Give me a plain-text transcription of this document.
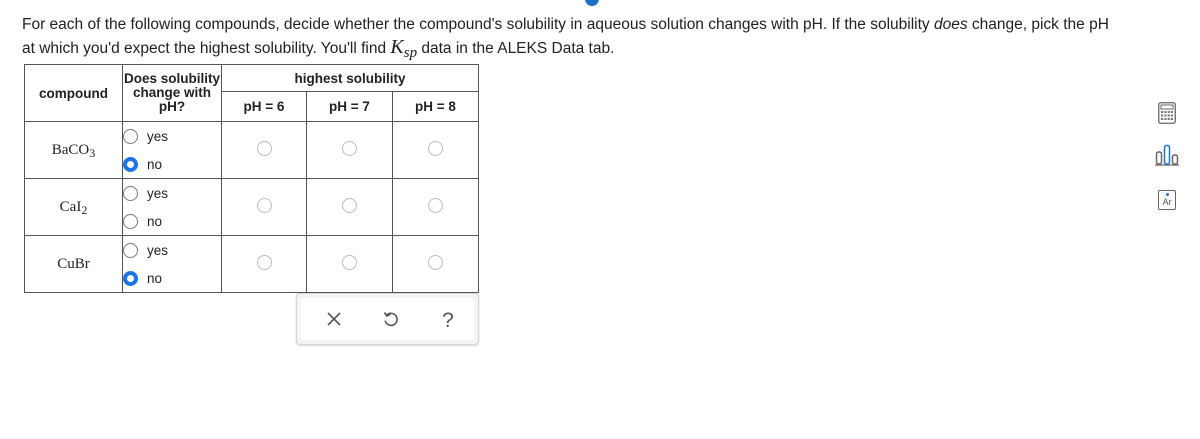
For each of the following compounds, decide whether the compound's solubility in aqueous solution changes with pH. If the solubility does change, pick the pH
at which you'd expect the highest solubility. You'll find $K_{sp}$ data in the ALEKS Data tab.
compound	Does solubility
change with
pH?	highest solubility		
		pH = 6	pH = 7	pH = 8
BaCO$_3$	yes
no			

CaI$_2$	yes
no			

CuBr	yes
no			

?
Ar
